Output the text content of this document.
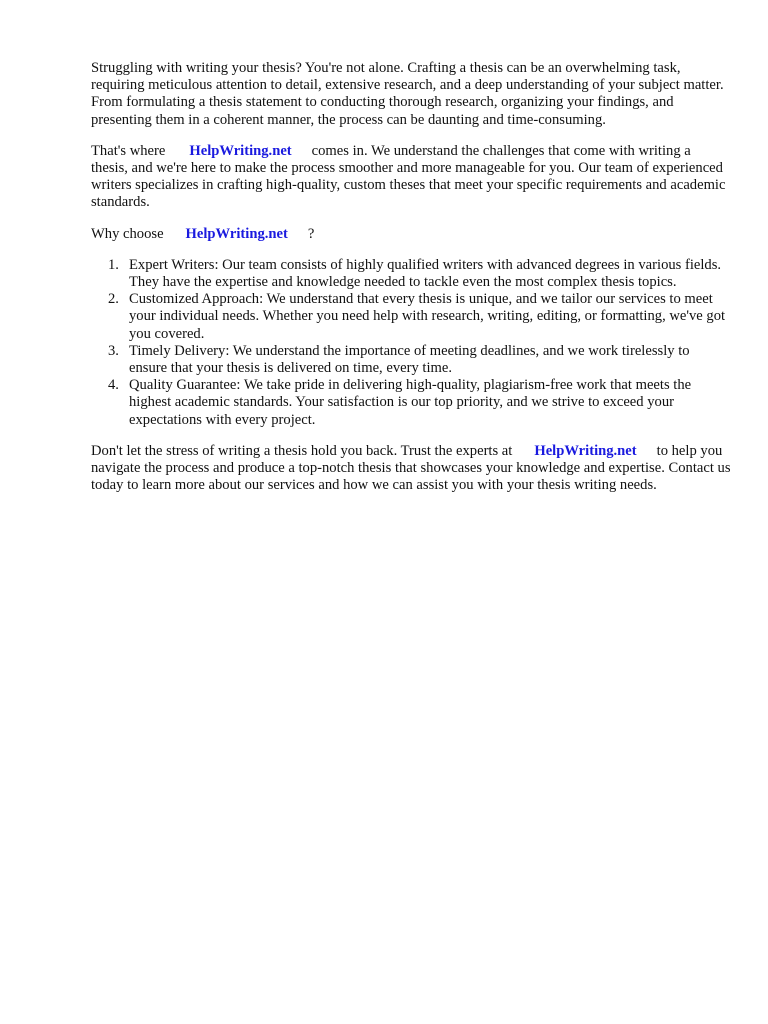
Struggling with writing your thesis? You're not alone. Crafting a thesis can be an overwhelming task, requiring meticulous attention to detail, extensive research, and a deep understanding of your subject matter. From formulating a thesis statement to conducting thorough research, organizing your findings, and presenting them in a coherent manner, the process can be daunting and time-consuming.

That's where HelpWriting.net comes in. We understand the challenges that come with writing a thesis, and we're here to make the process smoother and more manageable for you. Our team of experienced writers specializes in crafting high-quality, custom theses that meet your specific requirements and academic standards.

Why choose HelpWriting.net ?

1. Expert Writers: Our team consists of highly qualified writers with advanced degrees in various fields. They have the expertise and knowledge needed to tackle even the most complex thesis topics.
2. Customized Approach: We understand that every thesis is unique, and we tailor our services to meet your individual needs. Whether you need help with research, writing, editing, or formatting, we've got you covered.
3. Timely Delivery: We understand the importance of meeting deadlines, and we work tirelessly to ensure that your thesis is delivered on time, every time.
4. Quality Guarantee: We take pride in delivering high-quality, plagiarism-free work that meets the highest academic standards. Your satisfaction is our top priority, and we strive to exceed your expectations with every project.

Don't let the stress of writing a thesis hold you back. Trust the experts at HelpWriting.net to help you navigate the process and produce a top-notch thesis that showcases your knowledge and expertise. Contact us today to learn more about our services and how we can assist you with your thesis writing needs.
